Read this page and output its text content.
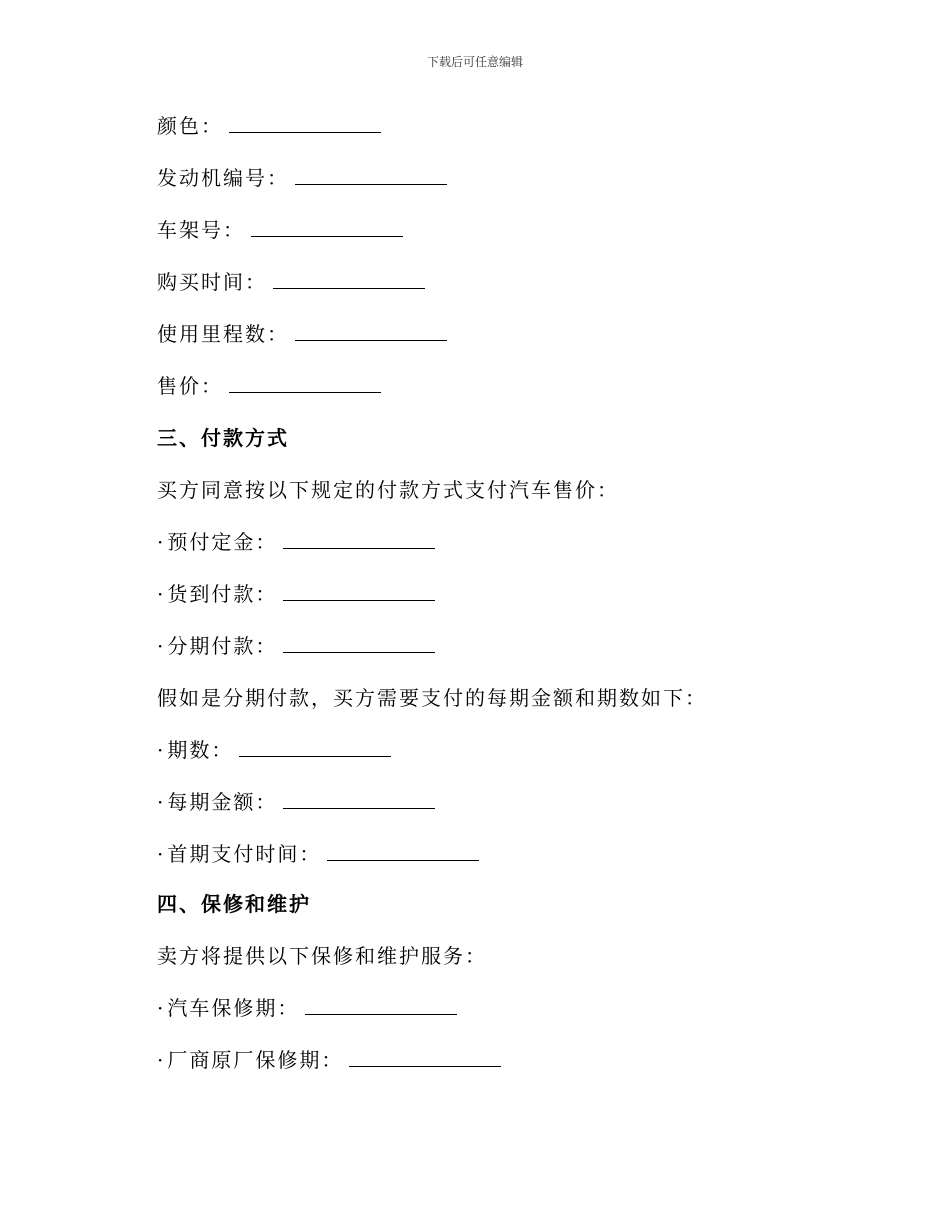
下载后可任意编辑
颜色：
发动机编号：
车架号：
购买时间：
使用里程数：
售价：
三、付款方式
买方同意按以下规定的付款方式支付汽车售价：
· 预付定金：
· 货到付款：
· 分期付款：
假如是分期付款，买方需要支付的每期金额和期数如下：
· 期数：
· 每期金额：
· 首期支付时间：
四、保修和维护
卖方将提供以下保修和维护服务：
· 汽车保修期：
· 厂商原厂保修期：
